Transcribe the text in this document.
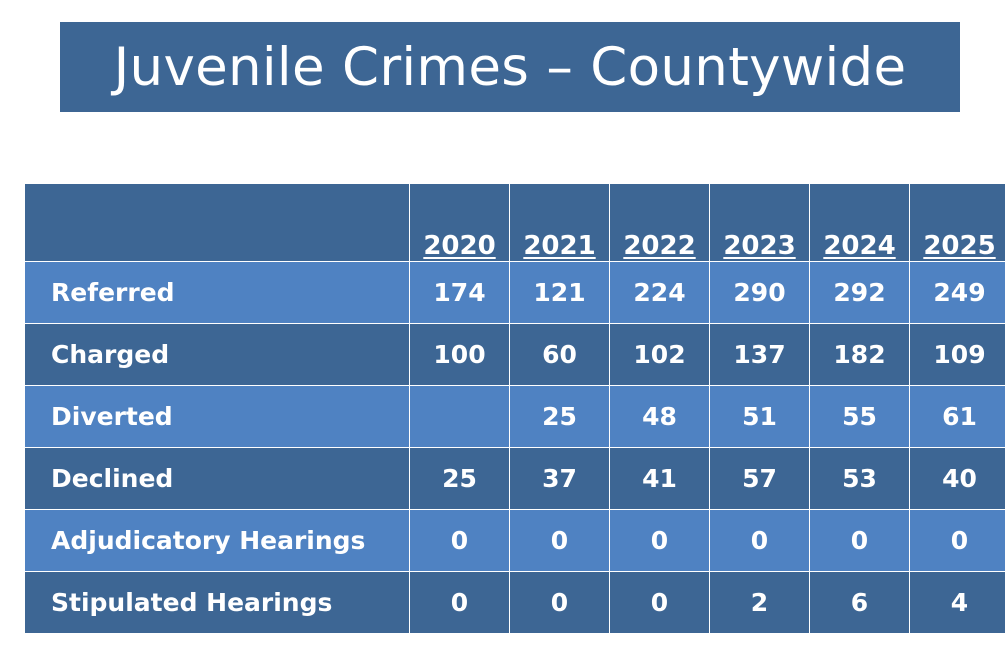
Juvenile Crimes – Countywide
	2020	2021	2022	2023	2024	2025
Referred	174	121	224	290	292	249
Charged	100	60	102	137	182	109
Diverted		25	48	51	55	61
Declined	25	37	41	57	53	40
Adjudicatory Hearings	0	0	0	0	0	0
Stipulated Hearings	0	0	0	2	6	4
